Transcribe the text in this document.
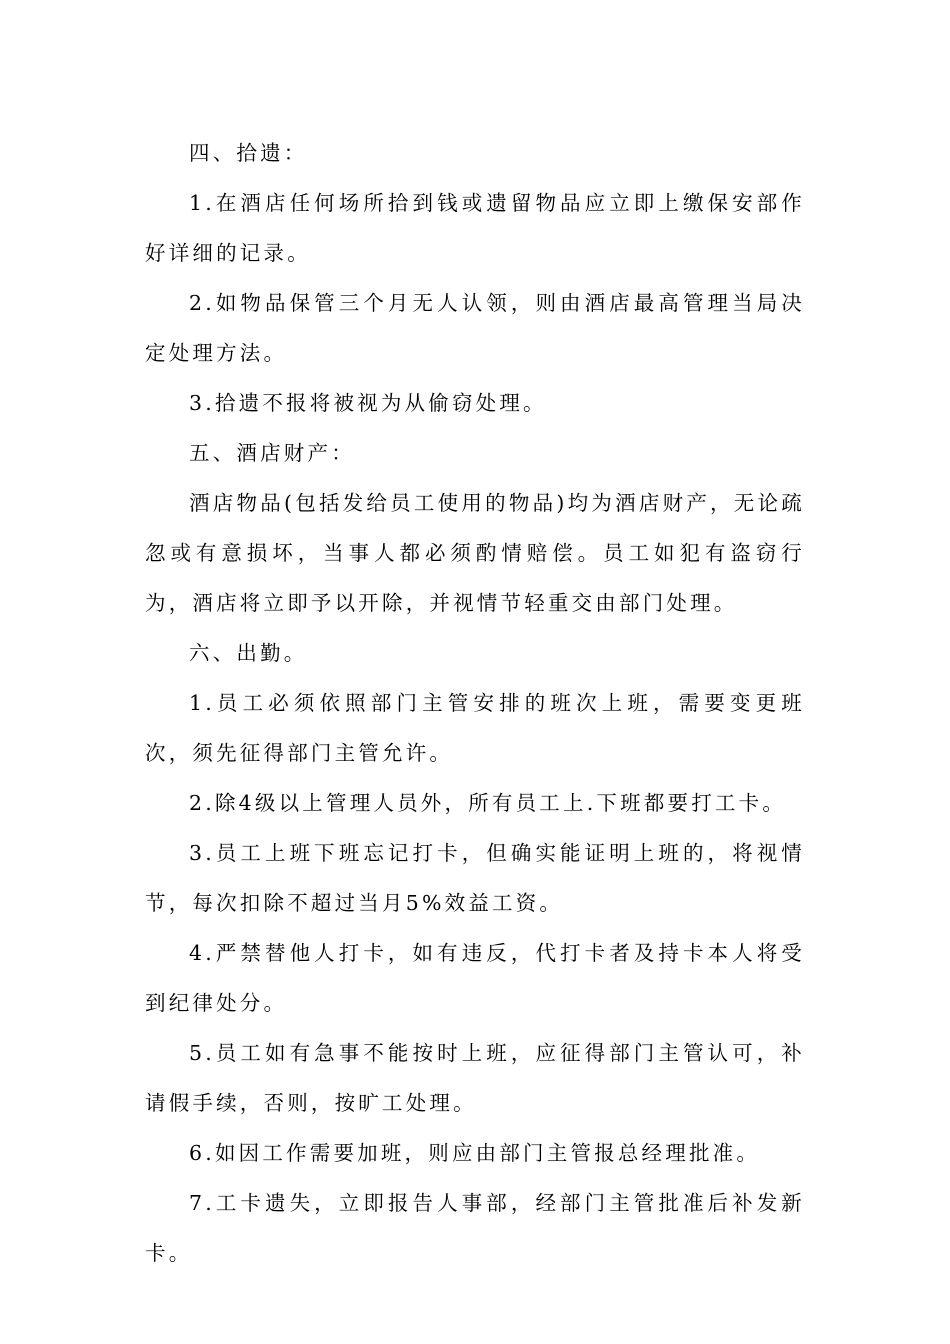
四、拾遗：

1.在酒店任何场所拾到钱或遗留物品应立即上缴保安部作好详细的记录。

2.如物品保管三个月无人认领，则由酒店最高管理当局决定处理方法。

3.拾遗不报将被视为从偷窃处理。

五、酒店财产：

酒店物品(包括发给员工使用的物品)均为酒店财产，无论疏忽或有意损坏，当事人都必须酌情赔偿。员工如犯有盗窃行为，酒店将立即予以开除，并视情节轻重交由部门处理。

六、出勤。

1.员工必须依照部门主管安排的班次上班，需要变更班次，须先征得部门主管允许。

2.除4级以上管理人员外，所有员工上.下班都要打工卡。

3.员工上班下班忘记打卡，但确实能证明上班的，将视情节，每次扣除不超过当月5%效益工资。

4.严禁替他人打卡，如有违反，代打卡者及持卡本人将受到纪律处分。

5.员工如有急事不能按时上班，应征得部门主管认可，补请假手续，否则，按旷工处理。

6.如因工作需要加班，则应由部门主管报总经理批准。

7.工卡遗失，立即报告人事部，经部门主管批准后补发新卡。
